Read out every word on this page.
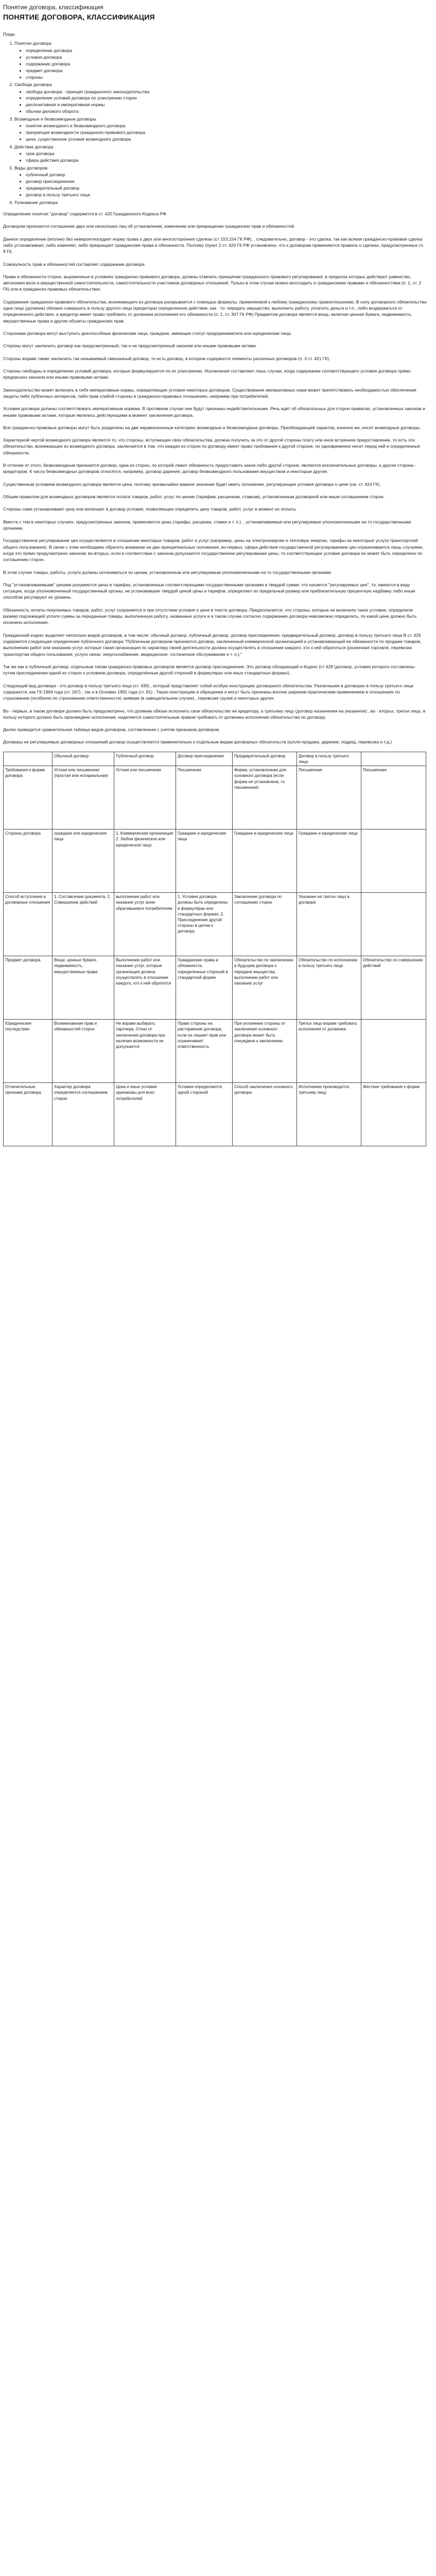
Понятие договора, классификация
ПОНЯТИЕ ДОГОВОРА, КЛАССИФИКАЦИЯ
План:
1. Понятие договора
• определение договора
• условия договора
• содержание договора
• предмет договора
• стороны
2. Свобода договора
• свобода договора - принцип гражданского законодательства
• определение условий договора по усмотрению сторон
• диспозитивная и императивная нормы
• обычаи делового оборота
3. Возмездные и безвозмездные договоры
• понятие возмездного и безвозмездного договора
• презумпция возмездности гражданско-правового договора
• цена, существенное условие возмездного договора
4. Действие договора
• срок договора
• сфера действия договора
5. Виды договоров
• публичный договор
• договор присоединения
• предварительный договор
• договор в пользу третьего лица
6. Толкование договора

Определение понятия "договор" содержится в ст. 420 Гражданского Кодекса РФ.

Договором признается соглашение двух или нескольких лиц об установлении, изменении или прекращении гражданских прав и обязанностей.

Данное определение (вполне) без невероятносадает норму права о двух или многосторонних сделках (ст 153,154 ГК РФ), , следовательно, договор - это сделка, так как всякая гражданско-правовая сделка либо устанавливает, либо изменяет, либо прекращает гражданские права и обязанности. Поэтому (пункт 2 ст. 420 ГК РФ установлено, что к договорам применяются правила о сделках, предусмотренных гл. 9 ГК.

Совокупность прав и обязанностей составляет содержание договора.

Права и обязанности сторон, выраженные в условиях гражданско-правового договора, должны отвечать принципам гражданского правового регулирования, в пределах которых действуют равенство, автономия воли и имущественной самостоятельности, самостоятельности участников договорных отношений. Только в этом случае можно воссоздать и гражданскими правами и обязанностями (п. 1, ст. 2 ГК) или в гражданско-правовых обязательствах.

Содержание гражданско-правового обязательства, возникающего из договора раскрывается с помощью формулы, применяемой к любому гражданскому правоотношению. В силу договорного обязательства одна лицо (должник) обязано совершить в пользу другого лица (кредитора) определенное действие, как - то: передать имущество, выполнить работу, уплатить деньги и т.п., либо воздержаться от определенного действия, а кредитор имеет право требовать от должника исполнения его обязанности (п. 1, ст. 307 ГК РФ) Предметом договора является вещь: включая ценная бумага, недвижимость, имущественные права и другие объекты гражданских прав.

Сторонами договора могут выступать дееспособные физические лица, граждане, имеющие статус предпринимателя или юридические лица.

Стороны могут заключить договор как предусмотренный, так и не предусмотренный законом или иными правовыми актами.

Стороны вправе также заключить так называемый смешанный договор, то есть договор, в котором содержатся элементы различных договоров (п. 3 ст. 421 ГК).

Стороны свободны в определении условий договора, которые формулируются по их усмотрению. Исключения составляют лишь случаи, когда содержание соответствующего условия договора прямо предписано законом или иными правовыми актами.

Законодательство может включать в себя императивные нормы, определяющие условия некоторых договоров. Существование императивных норм может препятствовать необходимостью обеспечения защиты либо публичных интересов, либо прав слабой стороны в гражданско-правовых отношениях, например при потребителей.

Условия договора должны соответствовать императивным нормам. В противном случае они будут признаны недействительными. Речь идет об обязательных для сторон правилах, установленных законом и иными правовыми актами, которые являлись действующими в момент заключения договора.

Все гражданско-правовые договоры могут быть разделены на две неравнозначные категории: возмездные и безвозмездные договоры. Преобладающей характер, конечно же, носят возмездные договоры.

Характерной чертой возмездного договора является то, что стороны, вступающие свои обязательства, должна получить за это от другой стороны плату или иное встречное предоставление, то есть эта обязательство, возникающее из возмездного договора, заключается в том, что каждая из сторон по договору имеет право требования к другой стороне, но одновременно несет перед ней и определенные обязанности.

В отличие от этого, безвозмездным признается договор, одна из сторон, по которой лежит обязанность предоставить какое-либо другой стороне, являются исключительные договоры, а другая сторона - кредитором. К числу безвозмездных договоров относятся, например, договор дарения, договор безвозмездного пользования имуществом и некоторые другие.

Существенным условием возмездного договора является цена, поэтому чрезвычайно важное значение будет иметь положение, регулирующее условия договора о цене (см. ст. 424 ГК).

Общим правилом для возмездных договоров является оплата товаров, работ, услуг по ценам (тарифам, расценкам, ставкам), установленным договорной или иным соглашением сторон.

Стороны сами устанавливают цену или включают в договор условие, позволяющее определить цену товаров, работ, услуг в момент их оплаты.

Вместе с тем в некоторых случаях, предусмотренных законом, применяются цены (тарифы, расценки, ставки и т. п.), , устанавливаемые или регулируемые уполномоченными на то государственными органами.

Государственное регулирование цен осуществляется в отношении некоторых товаров, работ и услуг (например, цены на электроэнергию и тепловую энергию, тарифы на некоторые услуги транспортной общего пользования). В связи с этим необходимо обратить внимание на два принципиальных положения, во-первых, сфера действия государственной регулированием цен ограничивается лишь случаями, когда это прямо предусмотрено законом; во-вторых, если в соответствии с законом допускается государственное регулирование цены, то соответствующее условие договора не может быть определено по соглашению сторон.

В этом случае товары, работы, услуги должны оплачиваться по ценам, установленным или регулируемым уполномоченными на то государственными органами.

Под "устанавливаемыми" ценами разумеются цены в тарифах, установленные соответствующими государственными органами в твердой сумме, что касается "регулируемых цен", то, имеются в виду ситуации, когда уполномоченный государственный органы, не установившие твердой ценой цены и тарифов, определяют их предельный размер или приблизительную процентную надбавку либо иным способом регулируют их уровень.

Обязанность оплаты покупаемых товаров, работ, услуг сохраняется и при отсутствии условия о цене в тексте договора. Предполагается, что стороны, которые не включили такое условие, определили размер подлежащей уплате суммы за переданные товары, выполненную работу, названные услуги и в таком случае согласно содержанию договора невозможно определить, по какой цене должно быть оплачено исполнение.

Гражданский кодекс выделяет несколько видов договоров, в том числе: обычный договор, публичный договор, договор присоединения, предварительный договор, договор в пользу третьего лица В ст. 426 содержится следующая определение публичного договора "Публичным договором признается договор, заключенный коммерческой организацией и устанавливающий ее обязанности по продаже товаров, выполнению работ или оказанию услуг, которые такая организация по характеру своей деятельности должна осуществлять в отношении каждого, кто к ней обратиться (розничная торговля, перевозка транспортом общего пользования, услуги связи, энергоснабжение, медицинское, гостиничное обслуживание и т. п.)."

Так же как и публичный договор, отдельным типам гражданско-правовых договоров является договор присоединения. Это договор обладающий и Кодекс (ст 428 (договор, условия которого составлены путем присоединения одной из сторон к условиям договора, определённым другой стороной в формулярах или иных стандартных формах).

Следующий вид договора - это договор в пользу третьего лица (ст. 430) , который представляет собой особую конструкцию договорного обязательства. Различными в договорах в пользу третьего лица содержатся, как ГК-1964 года (ст. 167) , так и в Основах 1991 года (ст. 81) . Такую конструкцию в обращении и могут быть признаны вполне широким практическим применением в отношениях по страхованию (особенно по страхованию ответственности) заявкам (в завещательном случае) , перевозке грузов и некоторых других.

Во - первых, в таком договоре должно быть предусмотрено, что должник обязан исполнить свое обязательство не кредитору, а третьему лицу (договор назначения на указанное) , во - вторых, третье лицо, в пользу которого должно быть произведено исполнение, наделяется самостоятельным правом требовать от должника исполнения обязательства по договору.

Далее приводится сравнительная таблица видов договоров, составленная с учетом признаков договоров.

Договоры не регулируемые договорных отношений договор осуществляется применительно к отдельным видам договорных обязательств (купля-продажа, дарение, подряд, перевозка и т.д.)

	Обычный договор	Публичный договор	Договор присоединения	Предварительный договор	Договор в пользу третьего лица	
Требования к форме договора	Устная или письменная (простая или нотариальная)	Устная или письменная	Письменная	Форма, установленная для основного договора (если форма не установлена, то письменная)	Письменная	Письменная
Стороны договора	граждане или юридические лица	1. Коммерческая организация 2. Любое физическое или юридическое лицо	Граждане и юридические лица	Граждане и юридические лица	Граждане и юридические лица	
Способ вступления в договорные отношения	1. Составление документа; 2. Совершение действий	выполнение работ или оказание услуг всем обратившимся потребителям	1. Условия договора должны быть определены в формулярах или стандартных формах; 2. Присоединение другой стороны в целом к договору	Заключение договора по соглашению сторон	Указание на третье лицо в договоре	
Предмет договора	Вещи, ценные бумаги, недвижимость, имущественные права	Выполнение работ или оказание услуг, которые организация должна осуществлять в отношении каждого, кто к ней обратится	Гражданские права и обязанности, определенные стороной в стандартной форме	Обязательство по заключению в будущем договора о передаче имущества, выполнении работ или оказании услуг	Обязательство по исполнению в пользу третьего лица	Обязательство по совершению действий
Юридические последствия	Возникновение прав и обязанностей сторон	Не вправе выбирать партнера. Отказ от заключения договора при наличии возможности не допускается	Право стороны на расторжение договора, если он лишает прав или ограничивает ответственность	При уклонении стороны от заключения основного договора может быть понуждена к заключению	Третье лицо вправе требовать исполнения от должника	
Отличительные признаки договора	Характер договора определяется соглашением сторон	Цена и иные условия одинаковы для всех потребителей	Условия определяются одной стороной	Способ заключения основного договора	Исполнение производится третьему лицу	Жесткие требования к форме
